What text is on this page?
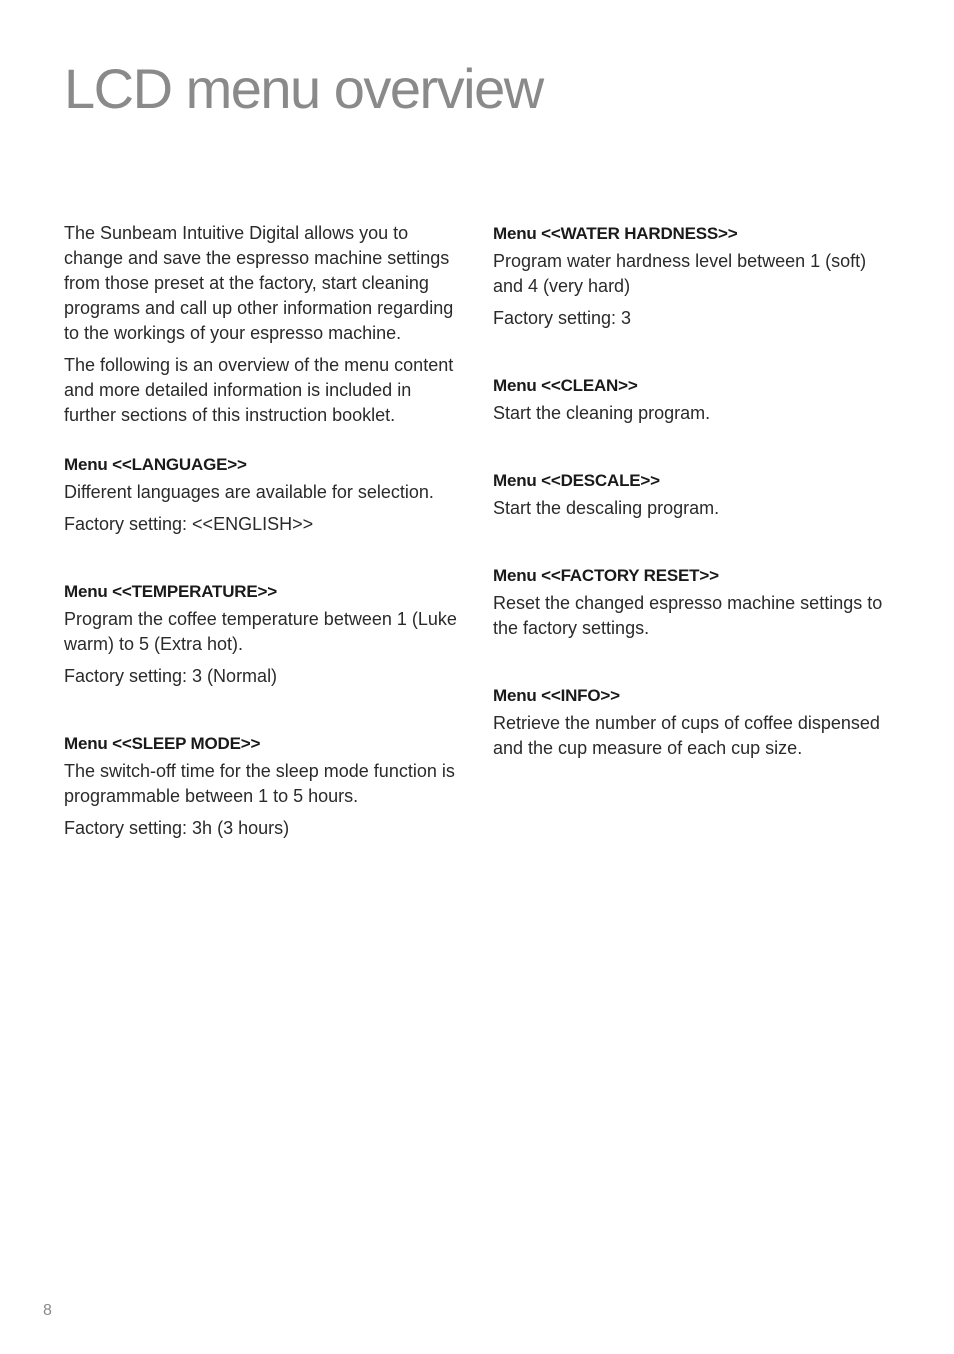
LCD menu overview

The Sunbeam Intuitive Digital allows you to change and save the espresso machine settings from those preset at the factory, start cleaning programs and call up other information regarding to the workings of your espresso machine.

The following is an overview of the menu content and more detailed information is included in further sections of this instruction booklet.

Menu <<LANGUAGE>>

Different languages are available for selection.

Factory setting: <<ENGLISH>>

Menu <<TEMPERATURE>>

Program the coffee temperature between 1 (Luke warm) to 5 (Extra hot).

Factory setting: 3 (Normal)

Menu <<SLEEP MODE>>

The switch-off time for the sleep mode function is programmable between 1 to 5 hours.

Factory setting: 3h (3 hours)

Menu <<WATER HARDNESS>>

Program water hardness level between 1 (soft) and 4 (very hard)

Factory setting: 3

Menu <<CLEAN>>

Start the cleaning program.

Menu <<DESCALE>>

Start the descaling program.

Menu <<FACTORY RESET>>

Reset the changed espresso machine settings to the factory settings.

Menu <<INFO>>

Retrieve the number of cups of coffee dispensed and the cup measure of each cup size.

8
